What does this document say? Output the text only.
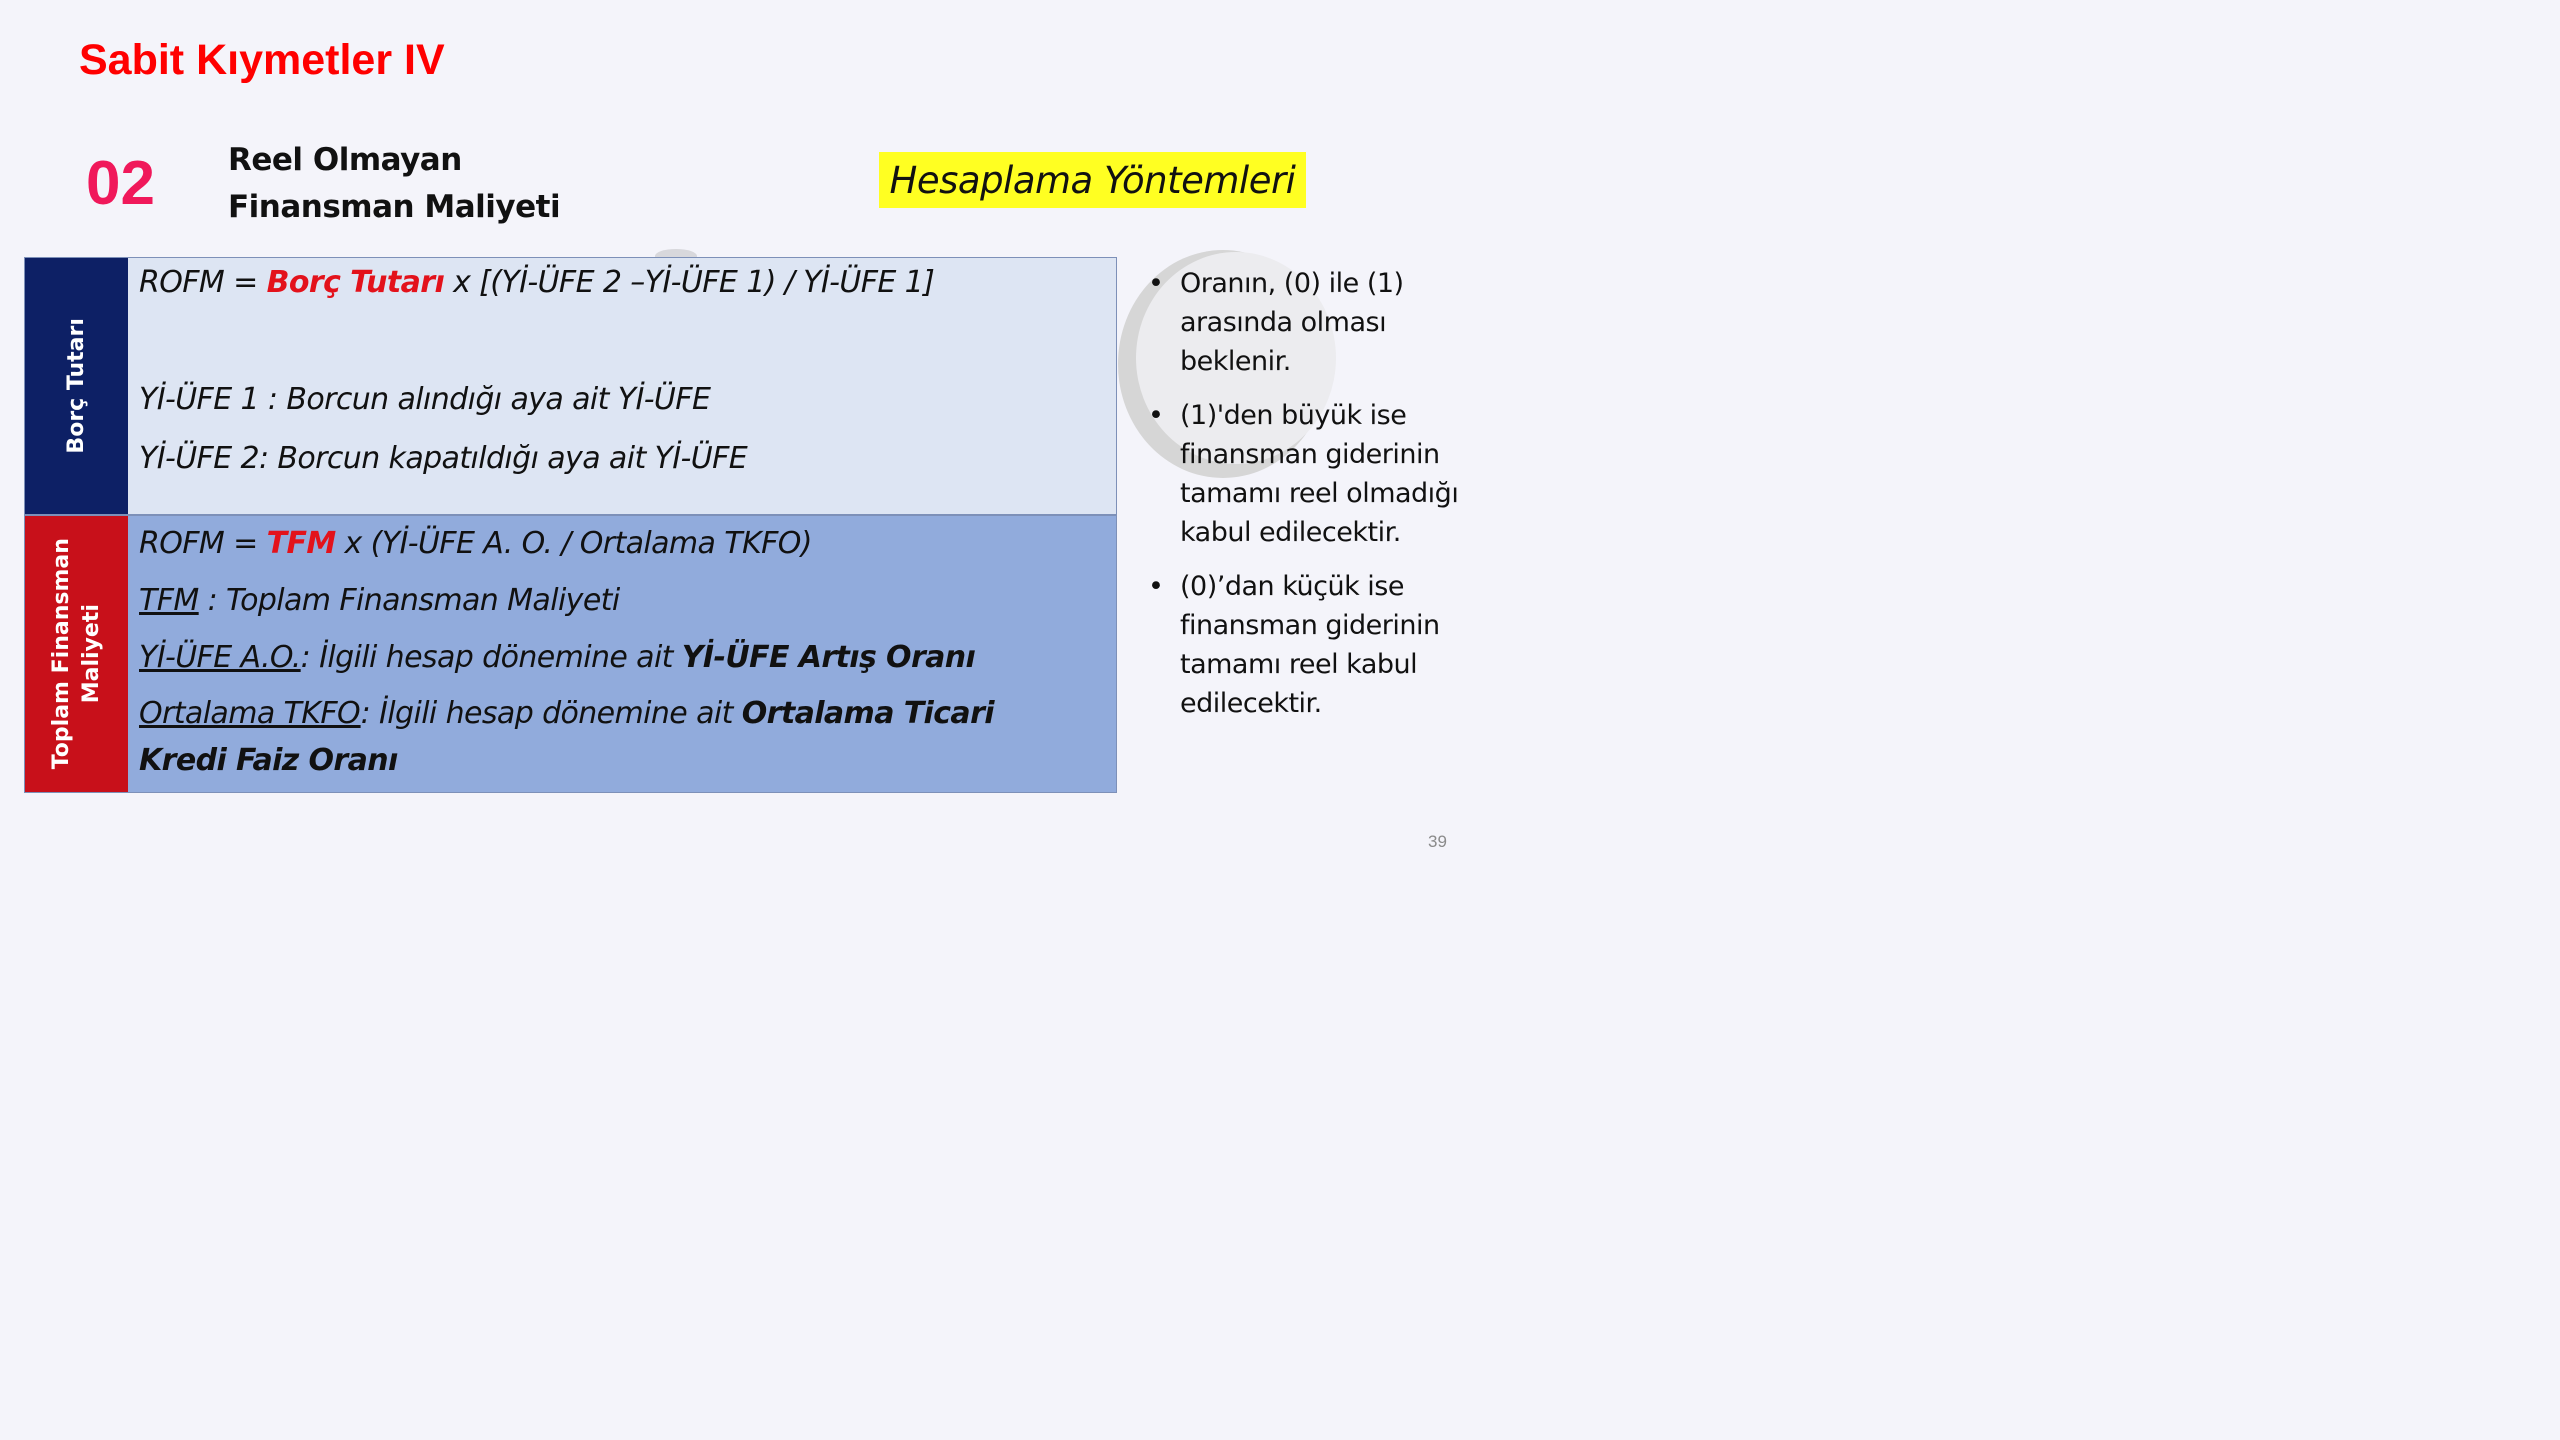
Sabit Kıymetler IV
02 Reel Olmayan
Finansman Maliyeti
Hesaplama Yöntemleri
Borç Tutarı
ROFM = Borç Tutarı x [(Yİ-ÜFE 2 –Yİ-ÜFE 1) / Yİ-ÜFE 1]
Yİ-ÜFE 1 : Borcun alındığı aya ait Yİ-ÜFE
Yİ-ÜFE 2: Borcun kapatıldığı aya ait Yİ-ÜFE
Toplam Finansman Maliyeti
ROFM = TFM x (Yİ-ÜFE A. O. / Ortalama TKFO)
TFM : Toplam Finansman Maliyeti
Yİ-ÜFE A.O.: İlgili hesap dönemine ait Yİ-ÜFE Artış Oranı
Ortalama TKFO: İlgili hesap dönemine ait Ortalama Ticari
Kredi Faiz Oranı
• Oranın, (0) ile (1)
arasında olması
beklenir.
• (1)'den büyük ise
finansman giderinin
tamamı reel olmadığı
kabul edilecektir.
• (0)’dan küçük ise
finansman giderinin
tamamı reel kabul
edilecektir.
39
